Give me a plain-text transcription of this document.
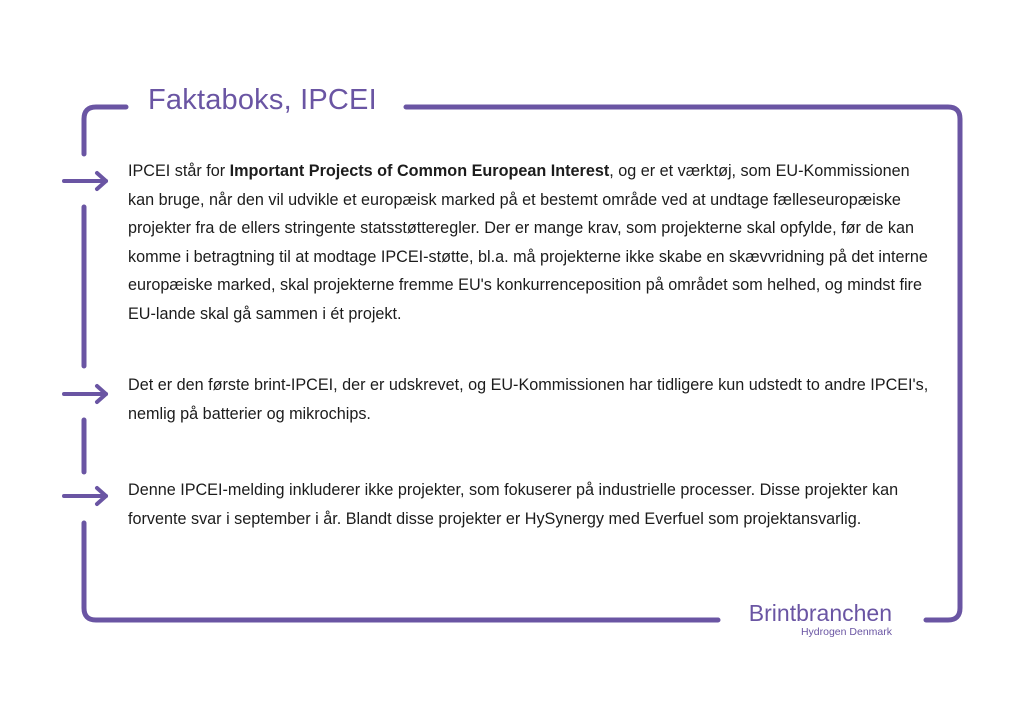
Faktaboks, IPCEI
IPCEI står for Important Projects of Common European Interest, og er et værktøj, som EU-Kommissionen kan bruge, når den vil udvikle et europæisk marked på et bestemt område ved at undtage fælleseuropæiske projekter fra de ellers stringente statsstøtteregler. Der er mange krav, som projekterne skal opfylde, før de kan komme i betragtning til at modtage IPCEI-støtte, bl.a. må projekterne ikke skabe en skævvridning på det interne europæiske marked, skal projekterne fremme EU's konkurrenceposition på området som helhed, og mindst fire EU-lande skal gå sammen i ét projekt.
Det er den første brint-IPCEI, der er udskrevet, og EU-Kommissionen har tidligere kun udstedt to andre IPCEI's, nemlig på batterier og mikrochips.
Denne IPCEI-melding inkluderer ikke projekter, som fokuserer på industrielle processer. Disse projekter kan forvente svar i september i år. Blandt disse projekter er HySynergy med Everfuel som projektansvarlig.
Brintbranchen
Hydrogen Denmark
